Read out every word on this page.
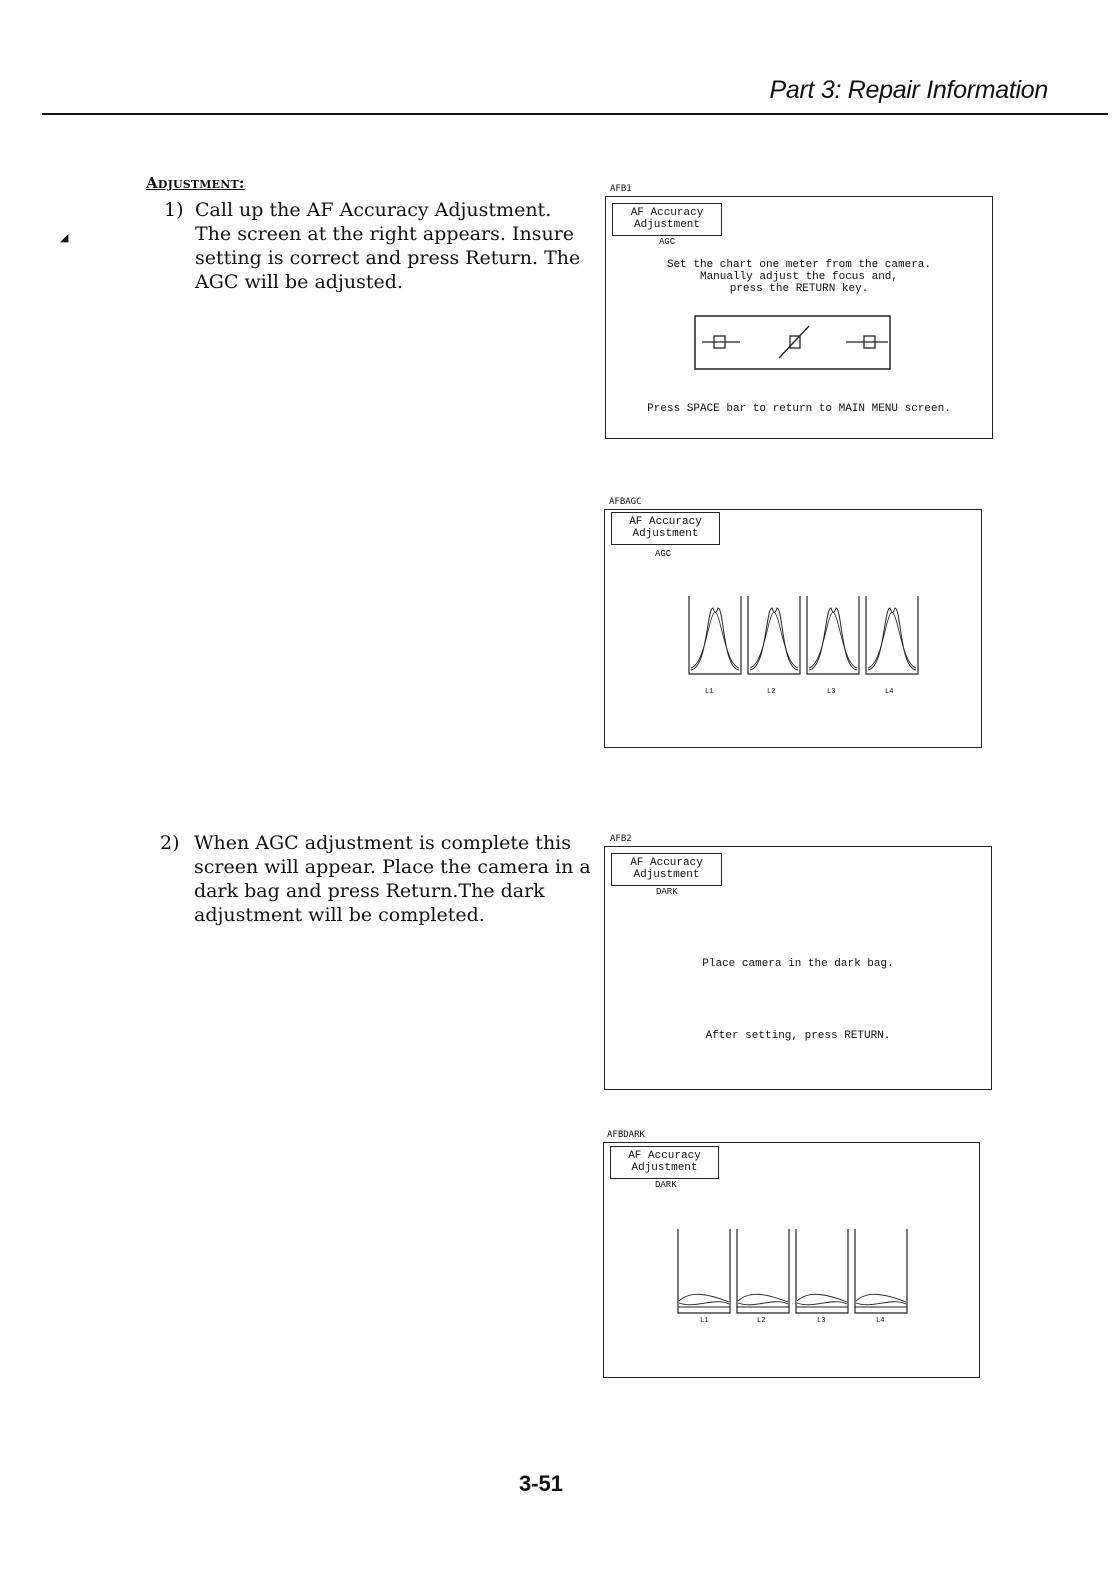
Part 3: Repair Information
Adjustment:
◢
1) Call up the AF Accuracy Adjustment.
The screen at the right appears. Insure
setting is correct and press Return. The
AGC will be adjusted.
2) When AGC adjustment is complete this
screen will appear. Place the camera in a
dark bag and press Return.The dark
adjustment will be completed.
AFB1
AF Accuracy
Adjustment
AGC
Set the chart one meter from the camera.
Manually adjust the focus and,
press the RETURN key.
Press SPACE bar to return to MAIN MENU screen.
AFBAGC
AF Accuracy
Adjustment
AGC
L1	L2	L3	L4
AFB2
AF Accuracy
Adjustment
DARK
Place camera in the dark bag.
After setting, press RETURN.
AFBDARK
AF Accuracy
Adjustment
DARK
L1	L2	L3	L4
3-51
